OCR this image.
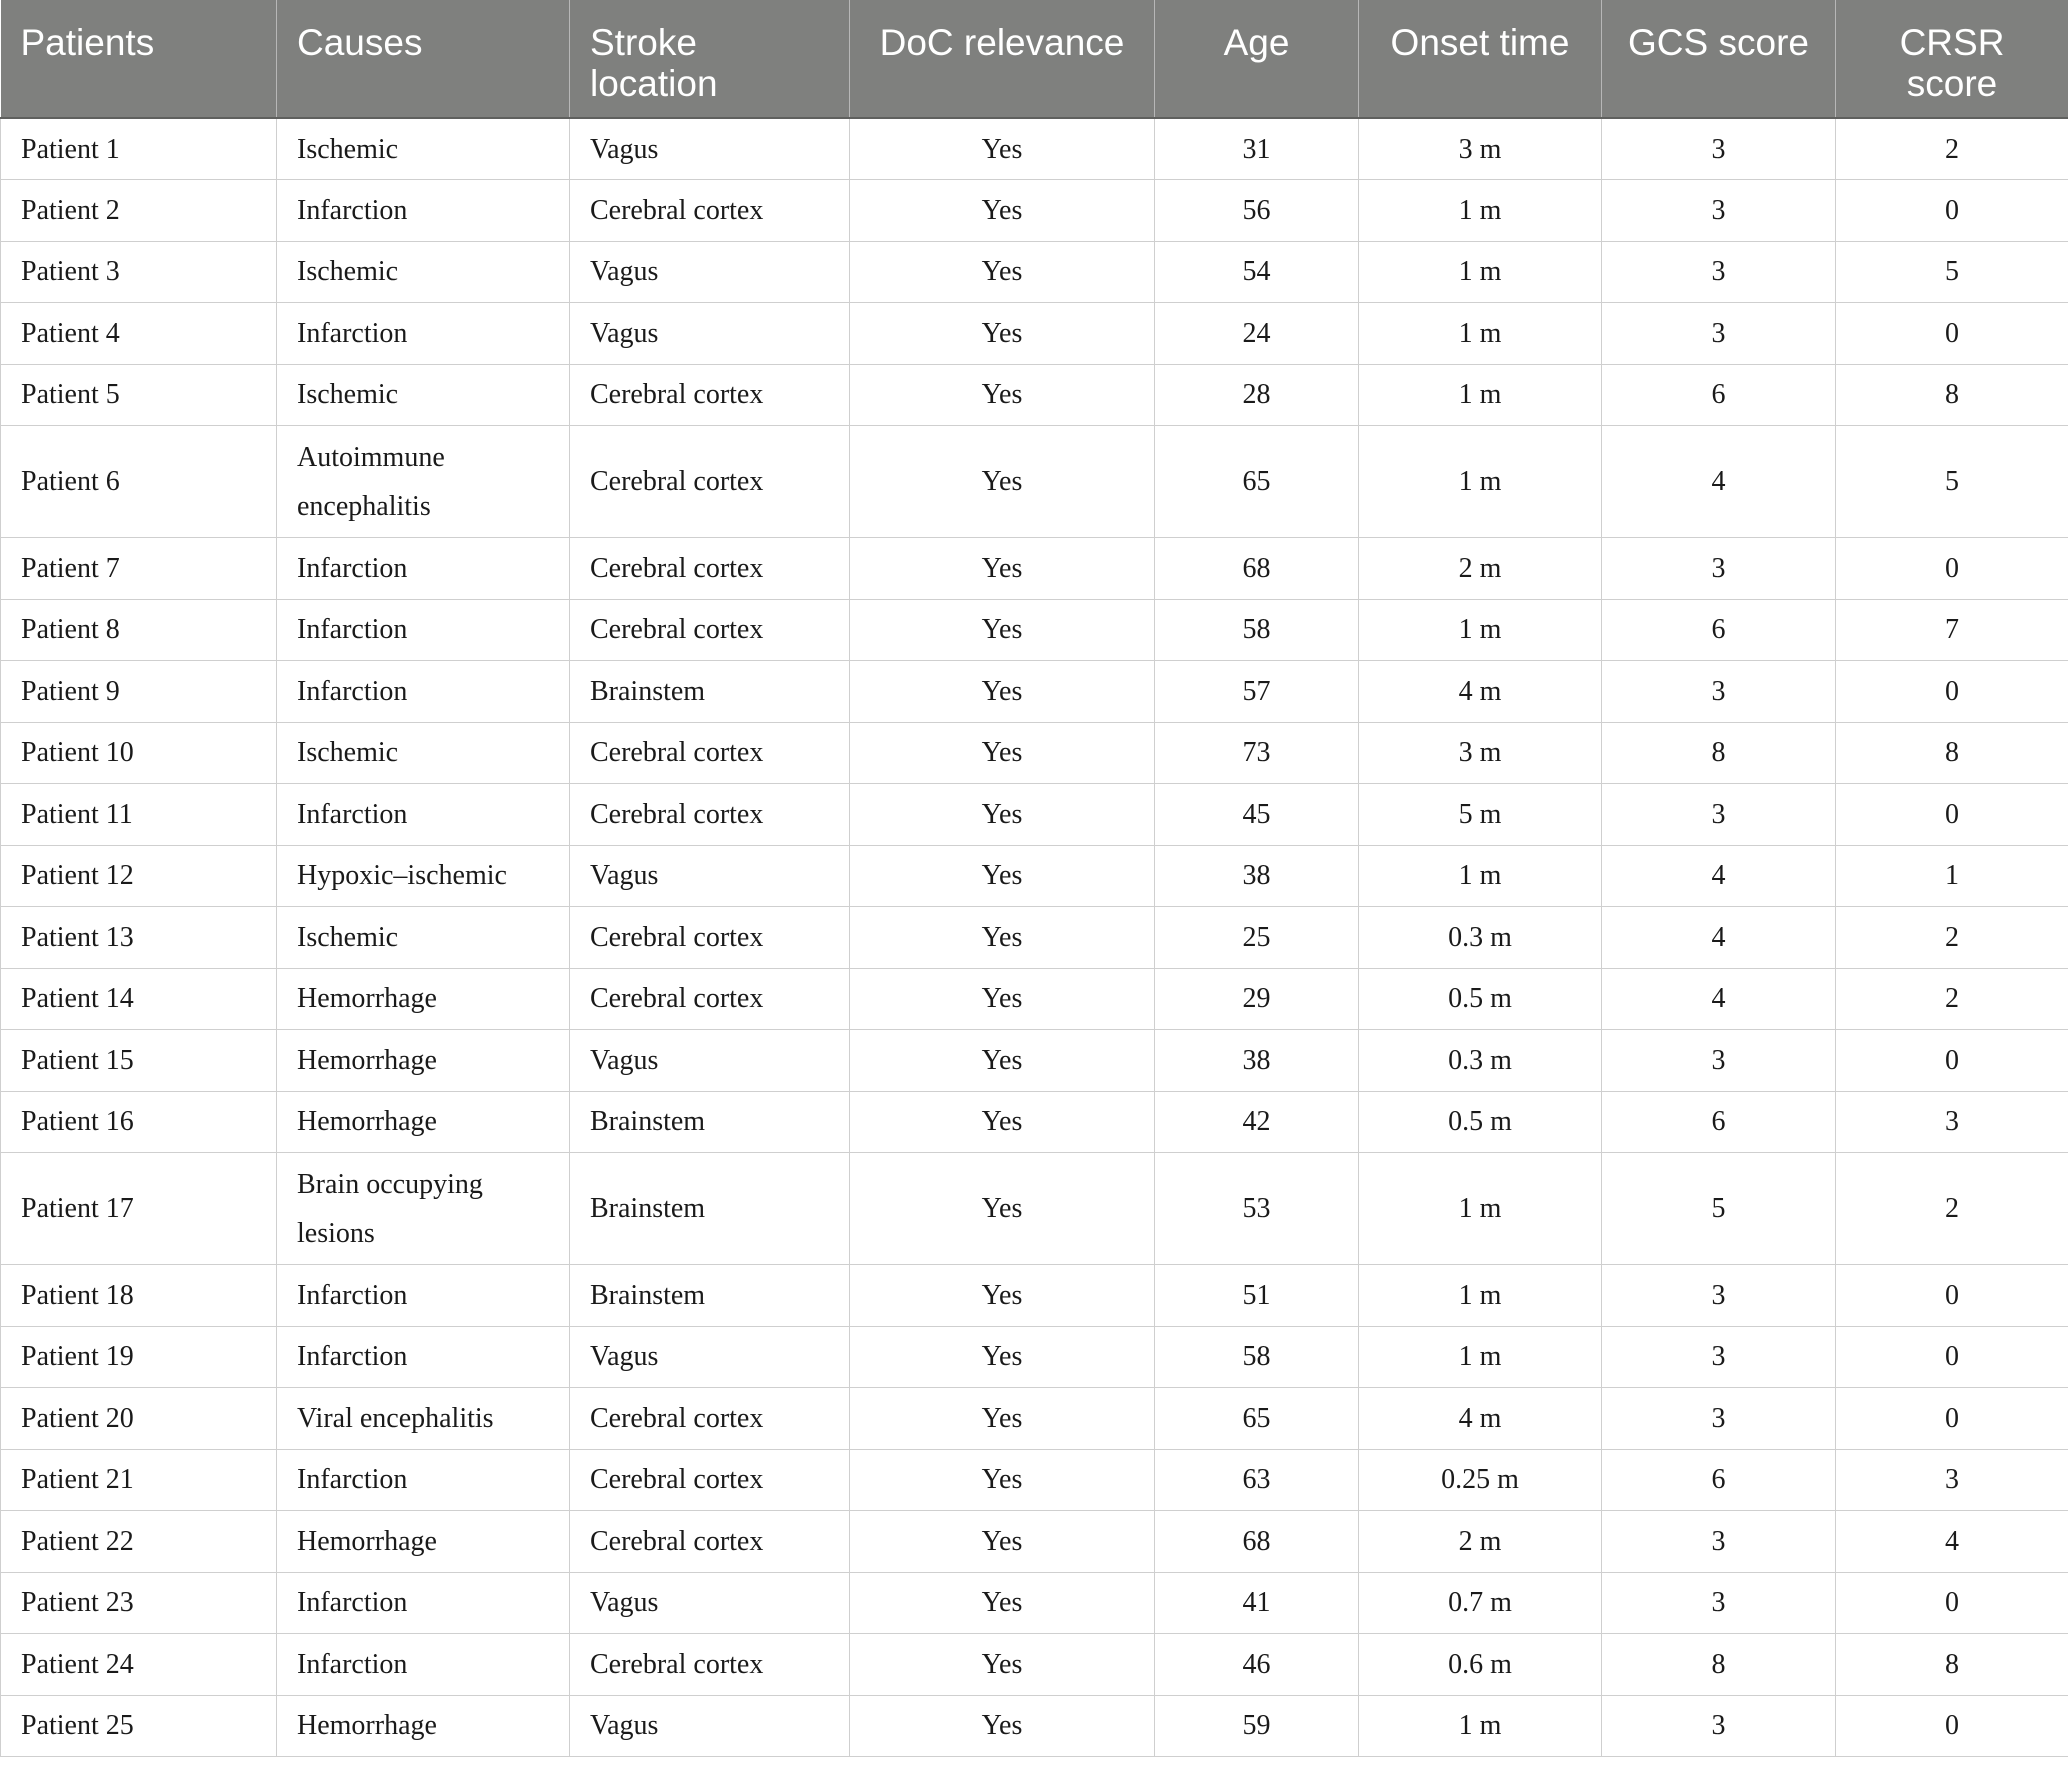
Patients	Causes	Stroke location	DoC relevance	Age	Onset time	GCS score	CRSR score
Patient 1	Ischemic	Vagus	Yes	31	3 m	3	2
Patient 2	Infarction	Cerebral cortex	Yes	56	1 m	3	0
Patient 3	Ischemic	Vagus	Yes	54	1 m	3	5
Patient 4	Infarction	Vagus	Yes	24	1 m	3	0
Patient 5	Ischemic	Cerebral cortex	Yes	28	1 m	6	8
Patient 6	Autoimmune encephalitis	Cerebral cortex	Yes	65	1 m	4	5
Patient 7	Infarction	Cerebral cortex	Yes	68	2 m	3	0
Patient 8	Infarction	Cerebral cortex	Yes	58	1 m	6	7
Patient 9	Infarction	Brainstem	Yes	57	4 m	3	0
Patient 10	Ischemic	Cerebral cortex	Yes	73	3 m	8	8
Patient 11	Infarction	Cerebral cortex	Yes	45	5 m	3	0
Patient 12	Hypoxic–ischemic	Vagus	Yes	38	1 m	4	1
Patient 13	Ischemic	Cerebral cortex	Yes	25	0.3 m	4	2
Patient 14	Hemorrhage	Cerebral cortex	Yes	29	0.5 m	4	2
Patient 15	Hemorrhage	Vagus	Yes	38	0.3 m	3	0
Patient 16	Hemorrhage	Brainstem	Yes	42	0.5 m	6	3
Patient 17	Brain occupying lesions	Brainstem	Yes	53	1 m	5	2
Patient 18	Infarction	Brainstem	Yes	51	1 m	3	0
Patient 19	Infarction	Vagus	Yes	58	1 m	3	0
Patient 20	Viral encephalitis	Cerebral cortex	Yes	65	4 m	3	0
Patient 21	Infarction	Cerebral cortex	Yes	63	0.25 m	6	3
Patient 22	Hemorrhage	Cerebral cortex	Yes	68	2 m	3	4
Patient 23	Infarction	Vagus	Yes	41	0.7 m	3	0
Patient 24	Infarction	Cerebral cortex	Yes	46	0.6 m	8	8
Patient 25	Hemorrhage	Vagus	Yes	59	1 m	3	0
